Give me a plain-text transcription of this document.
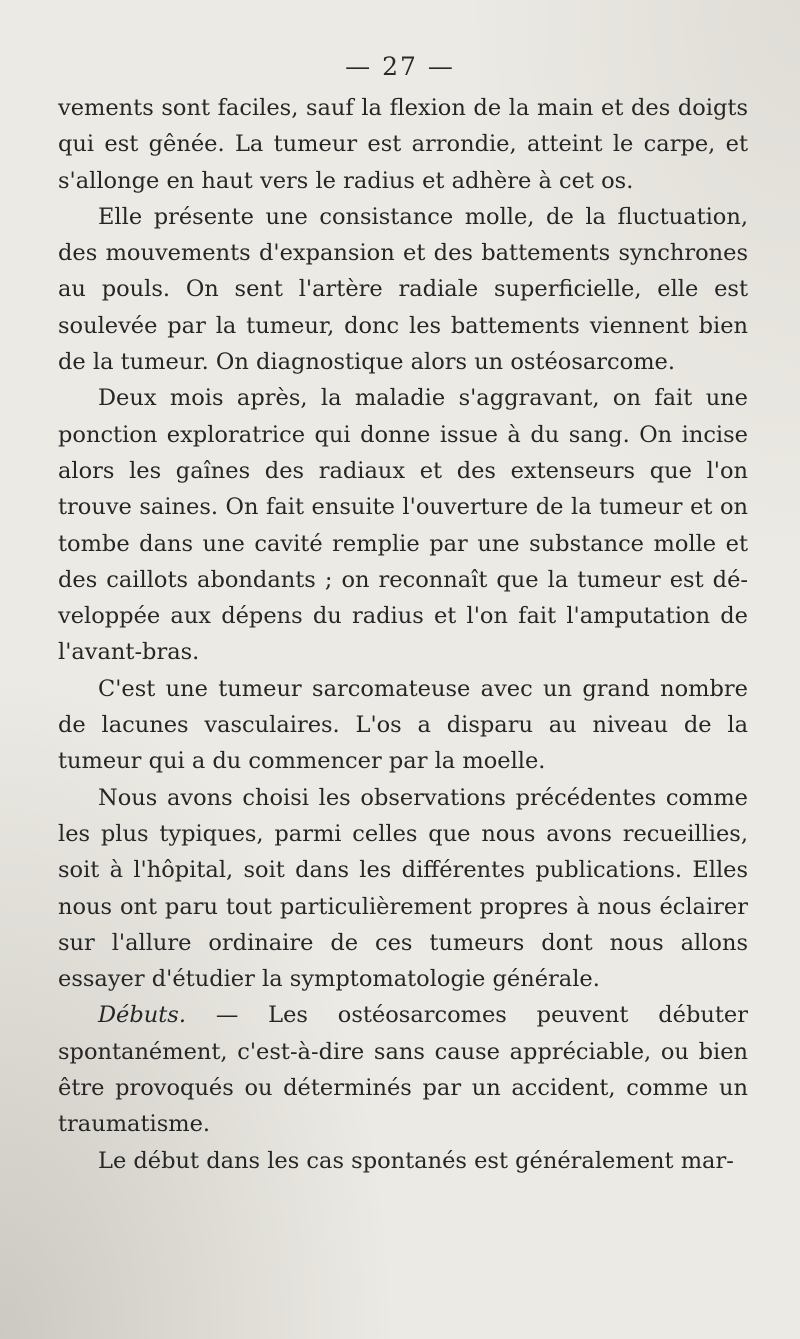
— 27 —

vements sont faciles, sauf la flexion de la main et des doigts qui est gênée. La tumeur est arrondie, atteint le carpe, et s'allonge en haut vers le radius et adhère à cet os.

Elle présente une consistance molle, de la fluctuation, des mouvements d'expansion et des battements synchrones au pouls. On sent l'artère radiale superficielle, elle est soulevée par la tumeur, donc les battements viennent bien de la tumeur. On diagnostique alors un ostéosarcome.

Deux mois après, la maladie s'aggravant, on fait une ponction exploratrice qui donne issue à du sang. On incise alors les gaînes des radiaux et des extenseurs que l'on trouve saines. On fait ensuite l'ouverture de la tumeur et on tombe dans une cavité remplie par une substance molle et des caillots abondants ; on reconnaît que la tumeur est développée aux dépens du radius et l'on fait l'amputation de l'avant-bras.

C'est une tumeur sarcomateuse avec un grand nombre de lacunes vasculaires. L'os a disparu au niveau de la tumeur qui a du commencer par la moelle.

Nous avons choisi les observations précédentes comme les plus typiques, parmi celles que nous avons recueillies, soit à l'hôpital, soit dans les différentes publications. Elles nous ont paru tout particulièrement propres à nous éclairer sur l'allure ordinaire de ces tumeurs dont nous allons essayer d'étudier la symptomatologie générale.

Débuts. — Les ostéosarcomes peuvent débuter spontanément, c'est-à-dire sans cause appréciable, ou bien être provoqués ou déterminés par un accident, comme un traumatisme.

Le début dans les cas spontanés est généralement mar-
